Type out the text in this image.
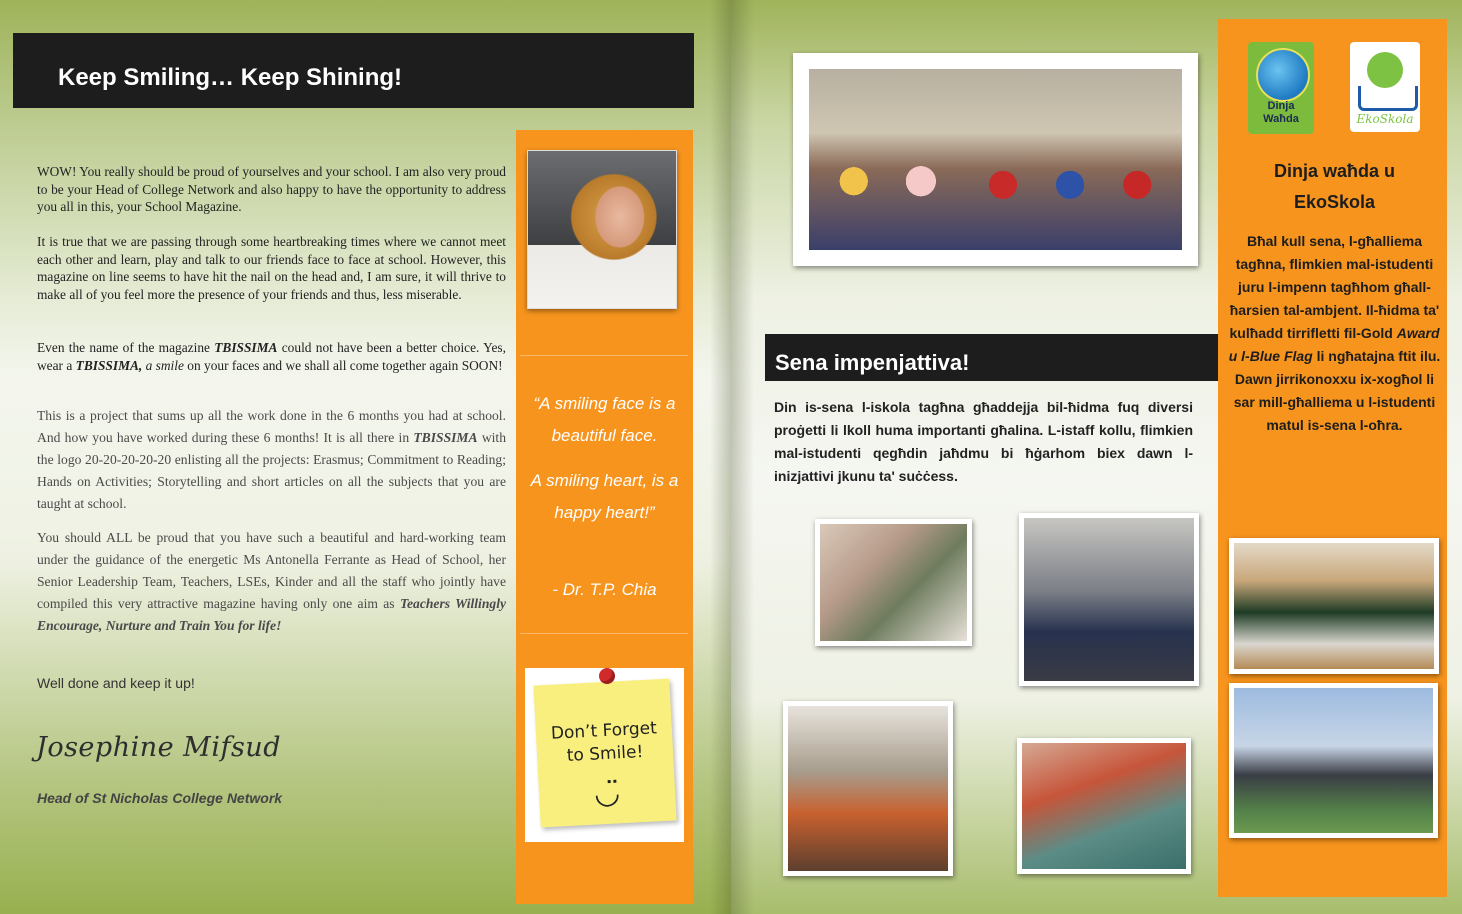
Keep Smiling… Keep Shining!
WOW! You really should be proud of yourselves and your school. I am also very proud to be your Head of College Network and also happy to have the opportunity to address you all in this, your School Magazine.
It is true that we are passing through some heartbreaking times where we cannot meet each other and learn, play and talk to our friends face to face at school. However, this magazine on line seems to have hit the nail on the head and, I am sure, it will thrive to make all of you feel more the presence of your friends and thus, less miserable.
Even the name of the magazine TBISSIMA could not have been a better choice. Yes, wear a TBISSIMA, a smile on your faces and we shall all come together again SOON!
This is a project that sums up all the work done in the 6 months you had at school. And how you have worked during these 6 months! It is all there in TBISSIMA with the logo 20-20-20-20-20 enlisting all the projects: Erasmus; Commitment to Reading; Hands on Activities; Storytelling and short articles on all the subjects that you are taught at school.
You should ALL be proud that you have such a beautiful and hard-working team under the guidance of the energetic Ms Antonella Ferrante as Head of School, her Senior Leadership Team, Teachers, LSEs, Kinder and all the staff who jointly have compiled this very attractive magazine having only one aim as Teachers Willingly Encourage, Nurture and Train You for life!
Well done and keep it up!
Josephine Mifsud
Head of St Nicholas College Network
“A smiling face is a beautiful face.
A smiling heart, is a happy heart!”
- Dr. T.P. Chia
Don’t Forget
to Smile!
◡̈
Sena impenjattiva!
Din is-sena l-iskola tagħna għaddejja bil-ħidma fuq diversi proġetti li lkoll huma importanti għalina. L-istaff kollu, flimkien mal-istudenti qegħdin jaħdmu bi ħġarhom biex dawn l-inizjattivi jkunu ta' suċċess.
Dinja
Waħda	EkoSkola
Dinja waħda u
EkoSkola
Bħal kull sena, l-għalliema tagħna, flimkien mal-istudenti juru l-impenn tagħhom għall-ħarsien tal-ambjent. Il-ħidma ta' kulħadd tirrifletti fil-Gold Award u l-Blue Flag li ngħatajna ftit ilu. Dawn jirrikonoxxu ix-xogħol li sar mill-għalliema u l-istudenti matul is-sena l-oħra.
